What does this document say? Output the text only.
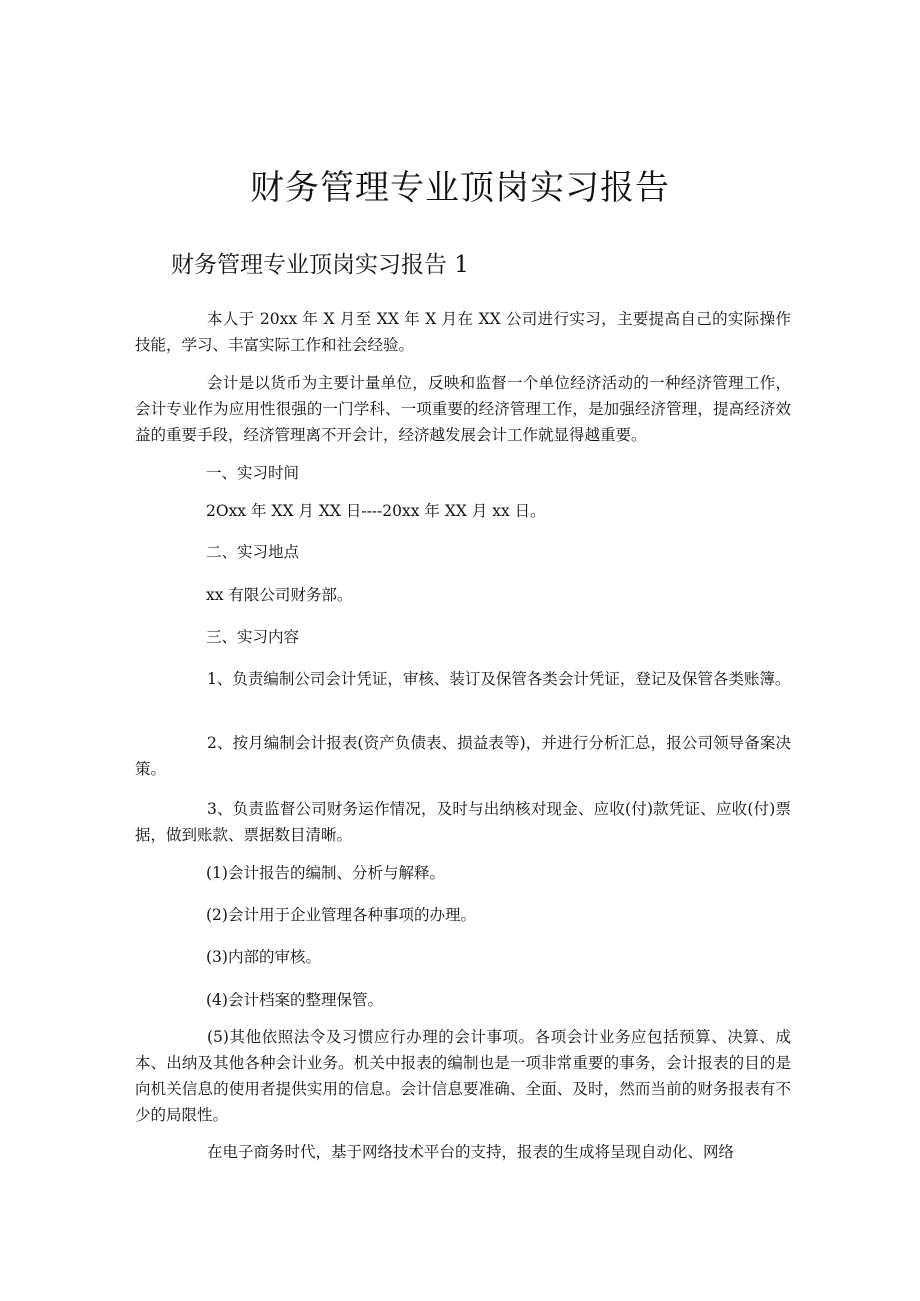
财务管理专业顶岗实习报告
财务管理专业顶岗实习报告 1

本人于 20xx 年 X 月至 XX 年 X 月在 XX 公司进行实习，主要提高自己的实际操作技能，学习、丰富实际工作和社会经验。

会计是以货币为主要计量单位，反映和监督一个单位经济活动的一种经济管理工作，会计专业作为应用性很强的一门学科、一项重要的经济管理工作，是加强经济管理，提高经济效益的重要手段，经济管理离不开会计，经济越发展会计工作就显得越重要。

一、实习时间

2Oxx 年 XX 月 XX 日----20xx 年 XX 月 xx 日。

二、实习地点

xx 有限公司财务部。

三、实习内容

1、负责编制公司会计凭证，审核、装订及保管各类会计凭证，登记及保管各类账簿。

2、按月编制会计报表(资产负债表、损益表等)，并进行分析汇总，报公司领导备案决策。

3、负责监督公司财务运作情况，及时与出纳核对现金、应收(付)款凭证、应收(付)票据，做到账款、票据数目清晰。

(1)会计报告的编制、分析与解释。

(2)会计用于企业管理各种事项的办理。

(3)内部的审核。

(4)会计档案的整理保管。

(5)其他依照法令及习惯应行办理的会计事项。各项会计业务应包括预算、决算、成本、出纳及其他各种会计业务。机关中报表的编制也是一项非常重要的事务，会计报表的目的是向机关信息的使用者提供实用的信息。会计信息要准确、全面、及时，然而当前的财务报表有不少的局限性。

在电子商务时代，基于网络技术平台的支持，报表的生成将呈现自动化、网络
